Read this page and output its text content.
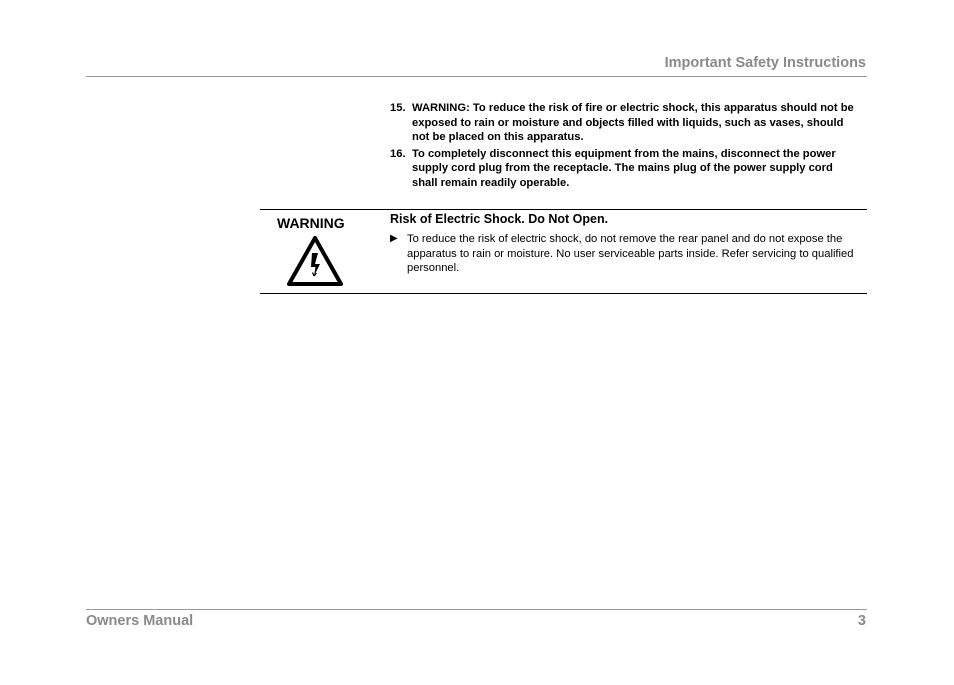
Important Safety Instructions
15. WARNING: To reduce the risk of fire or electric shock, this apparatus should not be exposed to rain or moisture and objects filled with liquids, such as vases, should not be placed on this apparatus.
16. To completely disconnect this equipment from the mains, disconnect the power supply cord plug from the receptacle. The mains plug of the power supply cord shall remain readily operable.
WARNING	Risk of Electric Shock. Do Not Open.
▶ To reduce the risk of electric shock, do not remove the rear panel and do not expose the apparatus to rain or moisture. No user serviceable parts inside. Refer servicing to qualified personnel.
Owners Manual	3
